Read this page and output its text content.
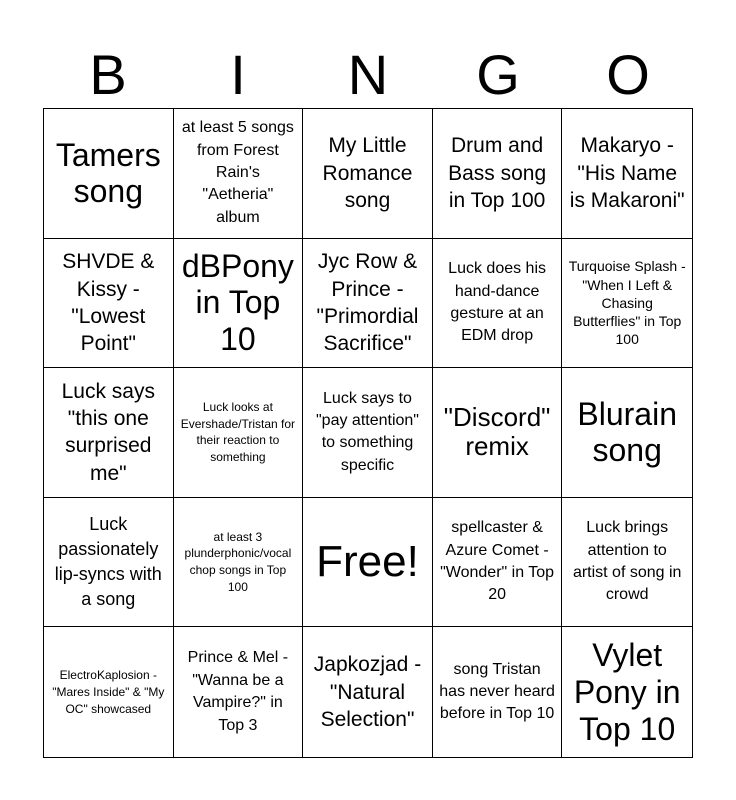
B	I	N	G	O
Tamers song
at least 5 songs from Forest Rain's "Aetheria" album
My Little Romance song
Drum and Bass song in Top 100
Makaryo - "His Name is Makaroni"
SHVDE & Kissy - "Lowest Point"
dBPony in Top 10
Jyc Row & Prince - "Primordial Sacrifice"
Luck does his hand-dance gesture at an EDM drop
Turquoise Splash - "When I Left & Chasing Butterflies" in Top 100
Luck says "this one surprised me"
Luck looks at Evershade/Tristan for their reaction to something
Luck says to "pay attention" to something specific
"Discord" remix
Blurain song
Luck passionately lip-syncs with a song
at least 3 plunderphonic/vocal chop songs in Top 100
Free!
spellcaster & Azure Comet - "Wonder" in Top 20
Luck brings attention to artist of song in crowd
ElectroKaplosion - "Mares Inside" & "My OC" showcased
Prince & Mel - "Wanna be a Vampire?" in Top 3
Japkozjad - "Natural Selection"
song Tristan has never heard before in Top 10
Vylet Pony in Top 10
